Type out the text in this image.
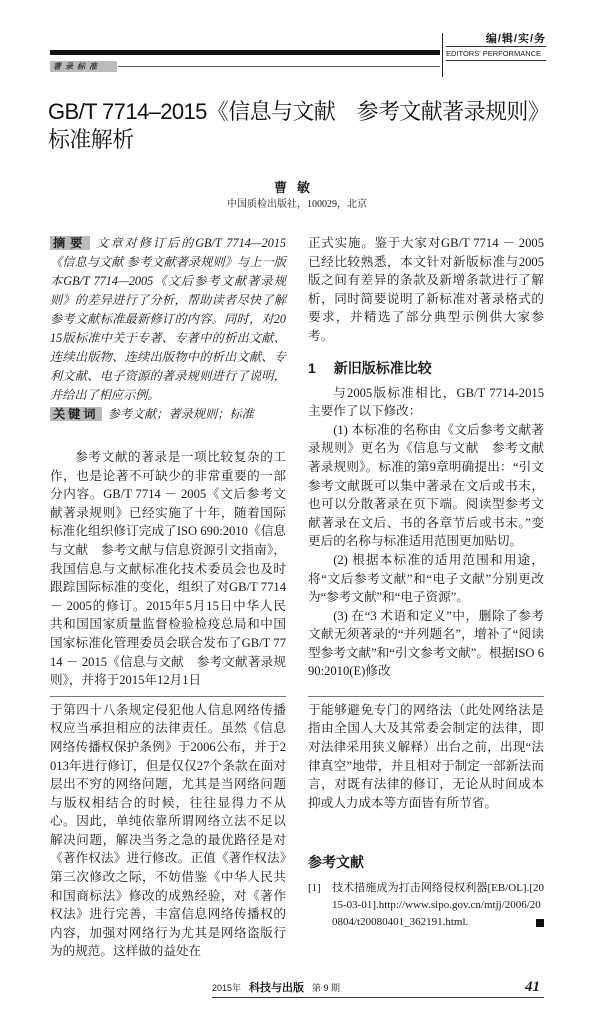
编/辑/实/务
EDITORS' PERFORMANCE
著录标准
GB/T 7714–2015《信息与文献　参考文献著录规则》标准解析
曹敏
中国质检出版社，100029，北京

摘要 文章对修订后的GB/T 7714—2015《信息与文献 参考文献著录规则》与上一版本GB/T 7714—2005《文后参考文献著录规则》的差异进行了分析，帮助读者尽快了解参考文献标准最新修订的内容。同时，对2015版标准中关于专著、专著中的析出文献、连续出版物、连续出版物中的析出文献、专利文献、电子资源的著录规则进行了说明，并给出了相应示例。

关键词 参考文献；著录规则；标准

参考文献的著录是一项比较复杂的工作，也是论著不可缺少的非常重要的一部分内容。GB/T 7714 － 2005《文后参考文献著录规则》已经实施了十年，随着国际标准化组织修订完成了ISO 690:2010《信息与文献　参考文献与信息资源引文指南》，我国信息与文献标准化技术委员会也及时跟踪国际标准的变化，组织了对GB/T 7714 － 2005的修订。2015年5月15日中华人民共和国国家质量监督检验检疫总局和中国国家标准化管理委员会联合发布了GB/T 7714 － 2015《信息与文献　参考文献著录规则》，并将于2015年12月1日

正式实施。鉴于大家对GB/T 7714 － 2005已经比较熟悉，本文针对新版标准与2005版之间有差异的条款及新增条款进行了解析，同时简要说明了新标准对著录格式的要求，并精选了部分典型示例供大家参考。

1 新旧版标准比较

与2005版标准相比，GB/T 7714-2015主要作了以下修改：

(1) 本标准的名称由《文后参考文献著录规则》更名为《信息与文献　参考文献著录规则》。标准的第9章明确提出：“引文参考文献既可以集中著录在文后或书末，也可以分散著录在页下端。阅读型参考文献著录在文后、书的各章节后或书末。”变更后的名称与标准适用范围更加贴切。

(2) 根据本标准的适用范围和用途，将“文后参考文献”和“电子文献”分别更改为“参考文献”和“电子资源”。

(3) 在“3 术语和定义”中，删除了参考文献无须著录的“并列题名”，增补了“阅读型参考文献”和“引文参考文献”。根据ISO 690:2010(E)修改

于第四十八条规定侵犯他人信息网络传播权应当承担相应的法律责任。虽然《信息网络传播权保护条例》于2006公布，并于2013年进行修订，但是仅仅27个条款在面对层出不穷的网络问题，尤其是当网络问题与版权相结合的时候，往往显得力不从心。因此，单纯依靠所谓网络立法不足以解决问题，解决当务之急的最优路径是对《著作权法》进行修改。正值《著作权法》第三次修改之际，不妨借鉴《中华人民共和国商标法》修改的成熟经验，对《著作权法》进行完善，丰富信息网络传播权的内容，加强对网络行为尤其是网络盗版行为的规范。这样做的益处在

于能够避免专门的网络法（此处网络法是指由全国人大及其常委会制定的法律，即对法律采用狭义解释）出台之前，出现“法律真空”地带，并且相对于制定一部新法而言，对既有法律的修订，无论从时间成本抑或人力成本等方面皆有所节省。

参考文献
[1] 技术措施成为打击网络侵权利器[EB/OL].[2015-03-01].http://www.sipo.gov.cn/mtjj/2006/200804/t20080401_362191.html.
2015年 科技与出版 第 9 期	41
